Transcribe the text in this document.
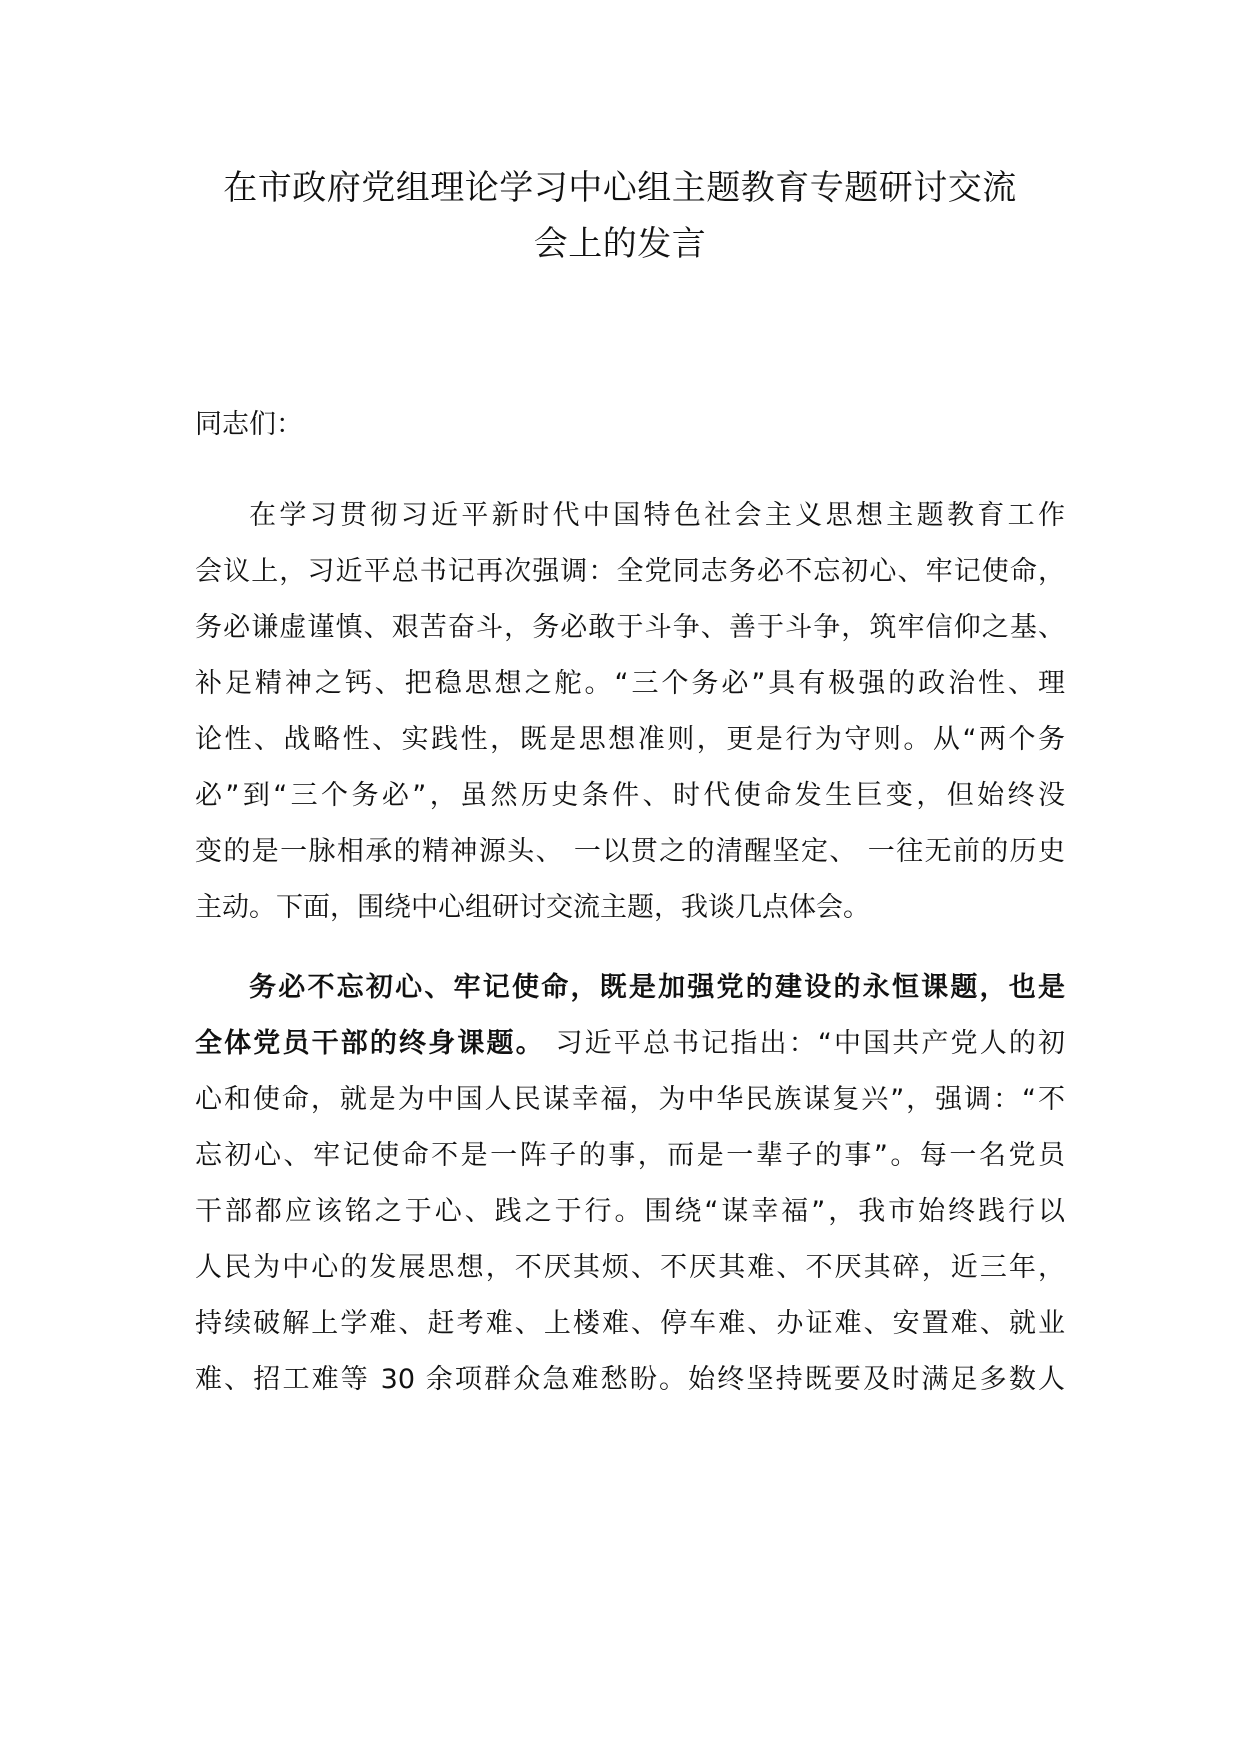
在市政府党组理论学习中心组主题教育专题研讨交流
会上的发言

同志们：

在学习贯彻习近平新时代中国特色社会主义思想主题教育工作
会议上，习近平总书记再次强调：全党同志务必不忘初心、牢记使命，
务必谦虚谨慎、艰苦奋斗，务必敢于斗争、善于斗争，筑牢信仰之基、
补足精神之钙、把稳思想之舵。“三个务必”具有极强的政治性、理
论性、战略性、实践性，既是思想准则，更是行为守则。从“两个务
必”到“三个务必”，虽然历史条件、时代使命发生巨变，但始终没
变的是一脉相承的精神源头、 一以贯之的清醒坚定、 一往无前的历史
主动。下面，围绕中心组研讨交流主题，我谈几点体会。
务必不忘初心、牢记使命，既是加强党的建设的永恒课题，也是
全体党员干部的终身课题。 习近平总书记指出：“中国共产党人的初
心和使命，就是为中国人民谋幸福，为中华民族谋复兴”，强调：“不
忘初心、牢记使命不是一阵子的事，而是一辈子的事”。每一名党员
干部都应该铭之于心、践之于行。围绕“谋幸福”，我市始终践行以
人民为中心的发展思想，不厌其烦、不厌其难、不厌其碎，近三年，
持续破解上学难、赶考难、上楼难、停车难、办证难、安置难、就业
难、招工难等 30 余项群众急难愁盼。始终坚持既要及时满足多数人
